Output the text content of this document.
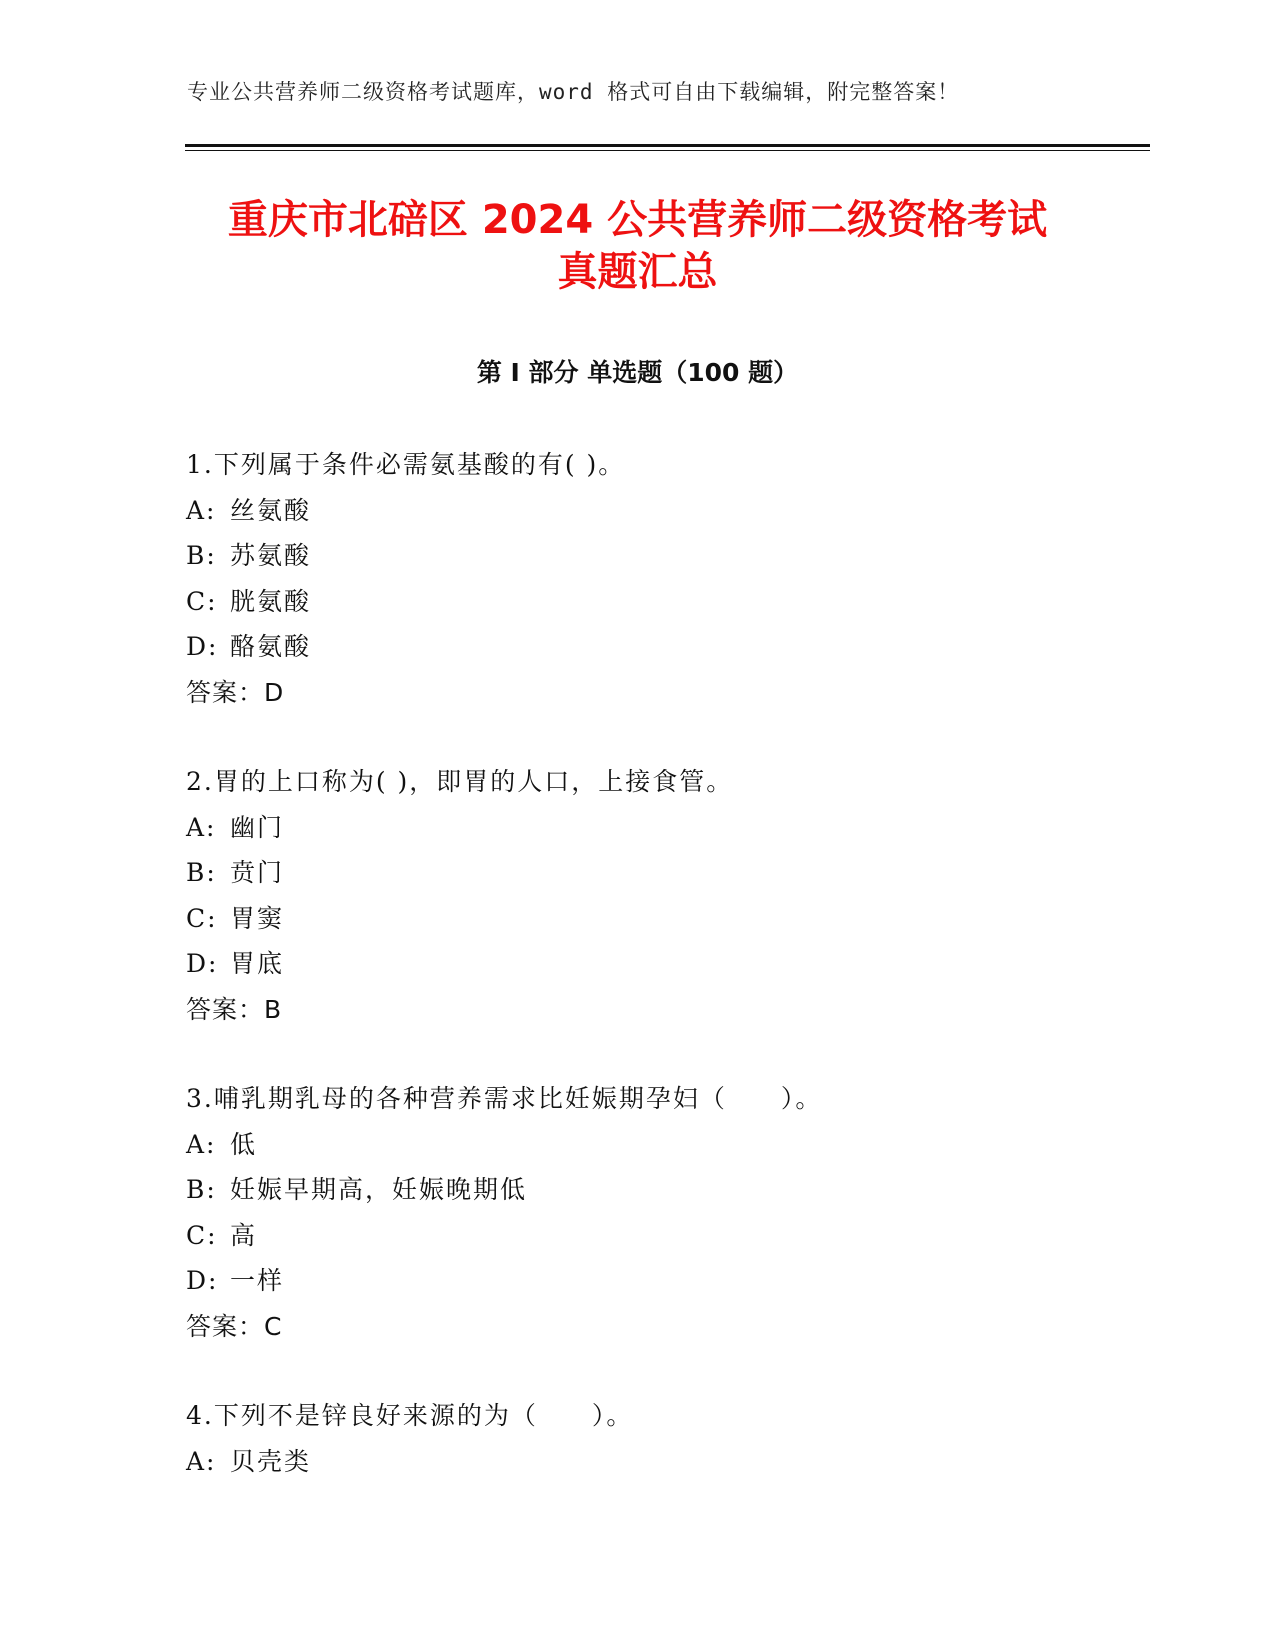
专业公共营养师二级资格考试题库，word 格式可自由下载编辑，附完整答案！
重庆市北碚区 2024 公共营养师二级资格考试
真题汇总
第 I 部分 单选题（100 题）
1.下列属于条件必需氨基酸的有( )。
A: 丝氨酸
B: 苏氨酸
C: 胱氨酸
D: 酪氨酸
答案：D
2.胃的上口称为( )，即胃的人口，上接食管。
A: 幽门
B: 贲门
C: 胃窦
D: 胃底
答案：B
3.哺乳期乳母的各种营养需求比妊娠期孕妇（　　）。
A: 低
B: 妊娠早期高，妊娠晚期低
C: 高
D: 一样
答案：C
4.下列不是锌良好来源的为（　　）。
A: 贝壳类
